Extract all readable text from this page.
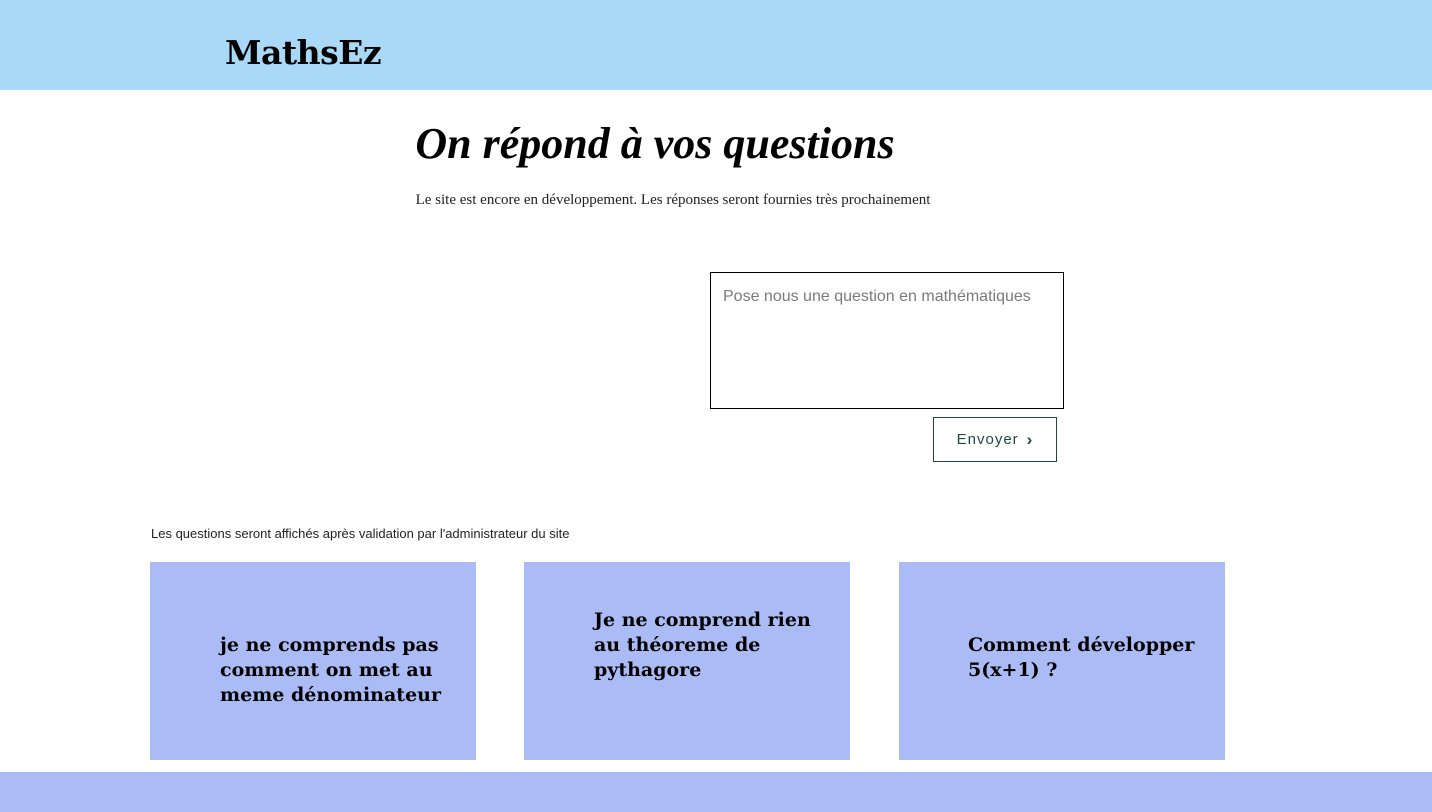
MathsEz
On répond à vos questions

Le site est encore en développement. Les réponses seront fournies très prochainement

Pose nous une question en mathématiques
Envoyer ›

Les questions seront affichés après validation par l'administrateur du site

je ne comprends pas comment on met au meme dénominateur
Je ne comprend rien au théoreme de pythagore
Comment développer 5(x+1) ?
